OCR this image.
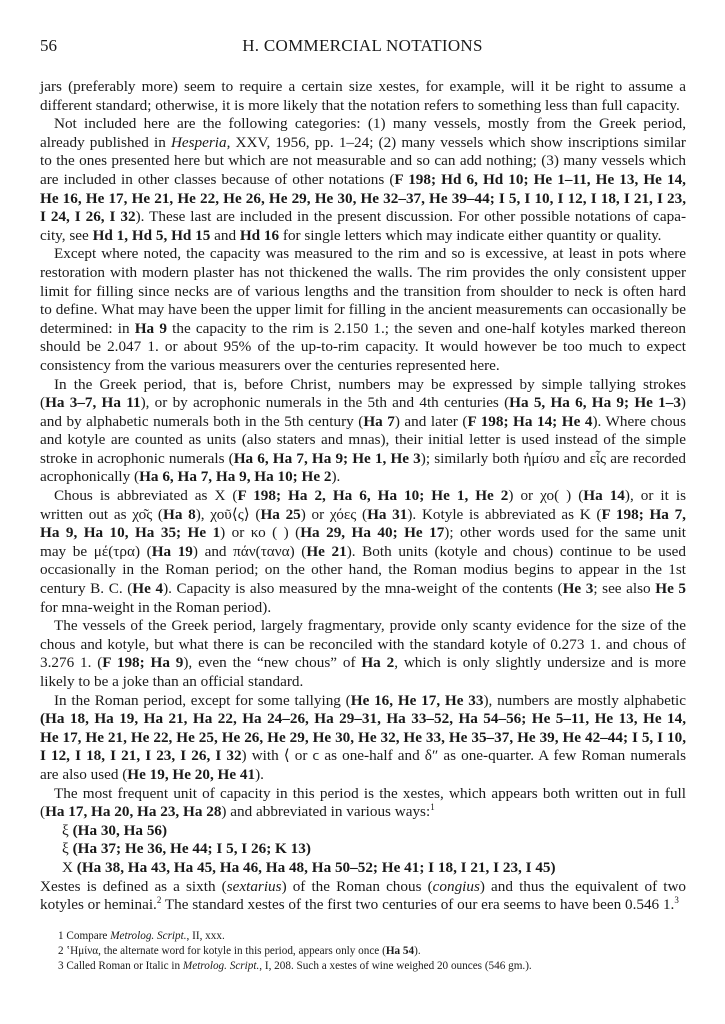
56	H. COMMERCIAL NOTATIONS
jars (preferably more) seem to require a certain size xestes, for example, will it be right to assume a
different standard; otherwise, it is more likely that the notation refers to something less than full capacity.
Not included here are the following categories: (1) many vessels, mostly from the Greek period,
already published in Hesperia, XXV, 1956, pp. 1–24; (2) many vessels which show inscriptions similar
to the ones presented here but which are not measurable and so can add nothing; (3) many vessels which
are included in other classes because of other notations (F 198; Hd 6, Hd 10; He 1–11, He 13, He 14,
He 16, He 17, He 21, He 22, He 26, He 29, He 30, He 32–37, He 39–44; I 5, I 10, I 12, I 18, I 21, I 23,
I 24, I 26, I 32). These last are included in the present discussion. For other possible notations of capa-
city, see Hd 1, Hd 5, Hd 15 and Hd 16 for single letters which may indicate either quantity or quality.
Except where noted, the capacity was measured to the rim and so is excessive, at least in pots where
restoration with modern plaster has not thickened the walls. The rim provides the only consistent upper
limit for filling since necks are of various lengths and the transition from shoulder to neck is often hard
to define. What may have been the upper limit for filling in the ancient measurements can occasionally be
determined: in Ha 9 the capacity to the rim is 2.150 1.; the seven and one-half kotyles marked thereon
should be 2.047 1. or about 95% of the up-to-rim capacity. It would however be too much to expect
consistency from the various measurers over the centuries represented here.
In the Greek period, that is, before Christ, numbers may be expressed by simple tallying strokes
(Ha 3–7, Ha 11), or by acrophonic numerals in the 5th and 4th centuries (Ha 5, Ha 6, Ha 9; He 1–3)
and by alphabetic numerals both in the 5th century (Ha 7) and later (F 198; Ha 14; He 4). Where chous
and kotyle are counted as units (also staters and mnas), their initial letter is used instead of the simple
stroke in acrophonic numerals (Ha 6, Ha 7, Ha 9; He 1, He 3); similarly both ἡμίσυ and εἷς are recorded
acrophonically (Ha 6, Ha 7, Ha 9, Ha 10; He 2).
Chous is abbreviated as X (F 198; Ha 2, Ha 6, Ha 10; He 1, He 2) or χο( ) (Ha 14), or it is
written out as χο͂ς (Ha 8), χοῦ⟨ς⟩ (Ha 25) or χόες (Ha 31). Kotyle is abbreviated as K (F 198; Ha 7,
Ha 9, Ha 10, Ha 35; He 1) or κο ( ) (Ha 29, Ha 40; He 17); other words used for the same unit
may be μέ(τρα) (Ha 19) and πάν(τανα) (He 21). Both units (kotyle and chous) continue to be used
occasionally in the Roman period; on the other hand, the Roman modius begins to appear in the 1st
century B. C. (He 4). Capacity is also measured by the mna-weight of the contents (He 3; see also He 5
for mna-weight in the Roman period).
The vessels of the Greek period, largely fragmentary, provide only scanty evidence for the size of the
chous and kotyle, but what there is can be reconciled with the standard kotyle of 0.273 1. and chous of
3.276 1. (F 198; Ha 9), even the “new chous” of Ha 2, which is only slightly undersize and is more
likely to be a joke than an official standard.
In the Roman period, except for some tallying (He 16, He 17, He 33), numbers are mostly alphabetic
(Ha 18, Ha 19, Ha 21, Ha 22, Ha 24–26, Ha 29–31, Ha 33–52, Ha 54–56; He 5–11, He 13, He 14,
He 17, He 21, He 22, He 25, He 26, He 29, He 30, He 32, He 33, He 35–37, He 39, He 42–44; I 5, I 10,
I 12, I 18, I 21, I 23, I 26, I 32) with ⟨ or ϲ as one-half and δ″ as one-quarter. A few Roman numerals
are also used (He 19, He 20, He 41).
The most frequent unit of capacity in this period is the xestes, which appears both written out in full
(Ha 17, Ha 20, Ha 23, Ha 28) and abbreviated in various ways:$^1$
ξ (Ha 30, Ha 56)
ξ (Ha 37; He 36, He 44; I 5, I 26; K 13)
X (Ha 38, Ha 43, Ha 45, Ha 46, Ha 48, Ha 50–52; He 41; I 18, I 21, I 23, I 45)
Xestes is defined as a sixth (sextarius) of the Roman chous (congius) and thus the equivalent of two
kotyles or heminai.$^2$ The standard xestes of the first two centuries of our era seems to have been 0.546 1.$^3$
1 Compare Metrolog. Script., II, xxx.
2 ʽΗμίνα, the alternate word for kotyle in this period, appears only once (Ha 54).
3 Called Roman or Italic in Metrolog. Script., I, 208. Such a xestes of wine weighed 20 ounces (546 gm.).
